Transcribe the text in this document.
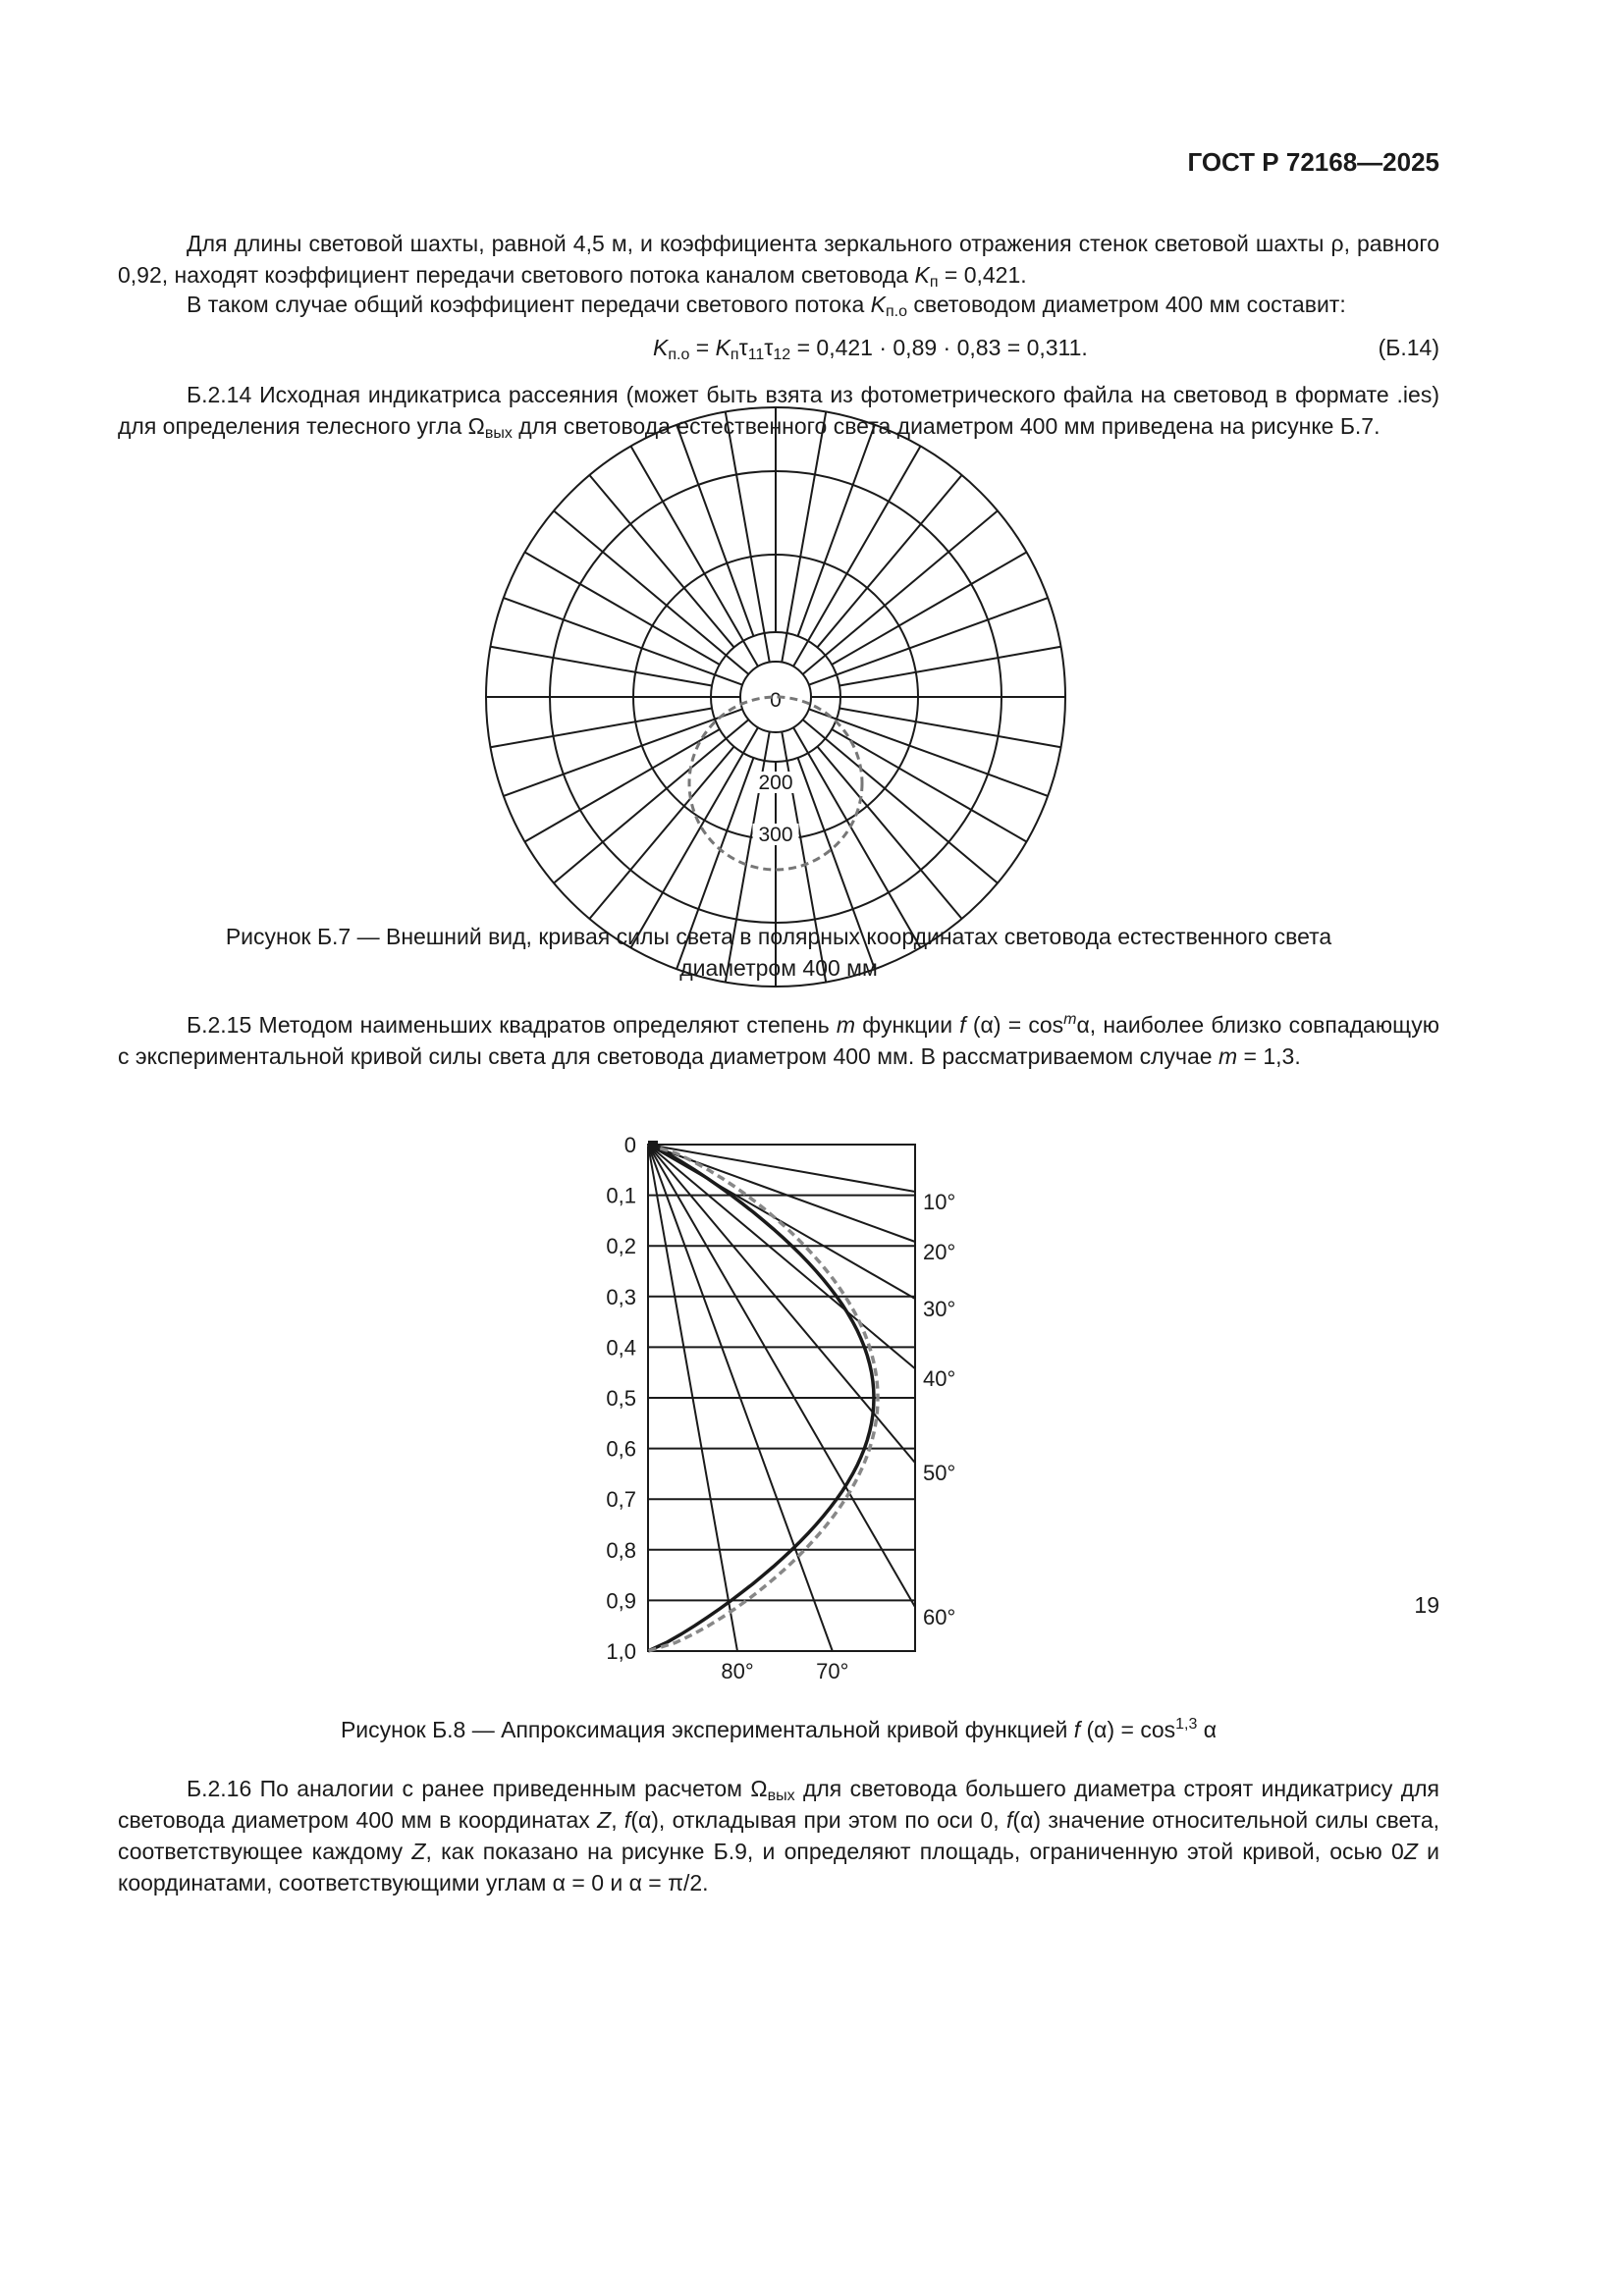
ГОСТ Р 72168—2025
Для длины световой шахты, равной 4,5 м, и коэффициента зеркального отражения стенок световой шахты ρ, равного 0,92, находят коэффициент передачи светового потока каналом световода $K_п = 0,421$.
В таком случае общий коэффициент передачи светового потока $K_{п.о}$ световодом диаметром 400 мм составит:
$K_{п.о} = K_п\tau_{11}\tau_{12} = 0,421 \cdot 0,89 \cdot 0,83 = 0,311$.	(Б.14)
Б.2.14 Исходная индикатриса рассеяния (может быть взята из фотометрического файла на световод в формате .ies) для определения телесного угла $\Omega_{вых}$ для световода естественного света диаметром 400 мм приведена на рисунке Б.7.
0
200
300
Рисунок Б.7 — Внешний вид, кривая силы света в полярных координатах световода естественного света
диаметром 400 мм
Б.2.15 Методом наименьших квадратов определяют степень m функции f $(\alpha) = \cos^m\alpha$, наиболее близко совпадающую с экспериментальной кривой силы света для световода диаметром 400 мм. В рассматриваемом случае m = 1,3.
0
0,1
0,2
0,3
0,4
0,5
0,6
0,7
0,8
0,9
1,0
10°
20°
30°
40°
50°
60°
70°
80°
Рисунок Б.8 — Аппроксимация экспериментальной кривой функцией f $(\alpha) = \cos^{1,3} \alpha$
Б.2.16 По аналогии с ранее приведенным расчетом $\Omega_{вых}$ для световода большего диаметра строят индикатрису для световода диаметром 400 мм в координатах Z, f(α), откладывая при этом по оси 0, f(α) значение относительной силы света, соответствующее каждому Z, как показано на рисунке Б.9, и определяют площадь, ограниченную этой кривой, осью 0Z и координатами, соответствующими углам α = 0 и α = π/2.
19
